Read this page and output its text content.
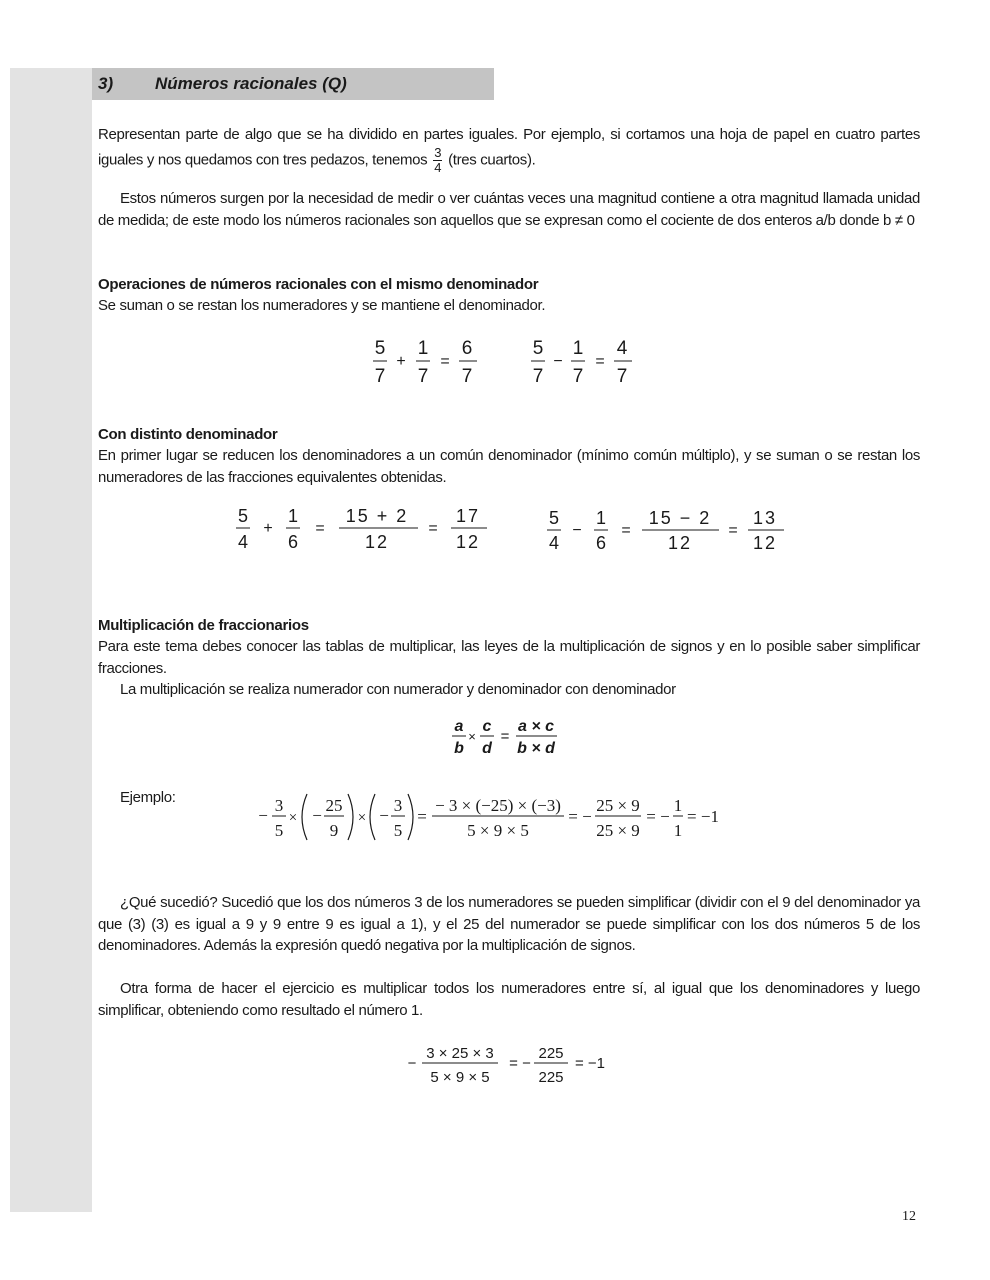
3) Números racionales (Q)
Representan parte de algo que se ha dividido en partes iguales. Por ejemplo, si cortamos una hoja de papel en cuatro partes iguales y nos quedamos con tres pedazos, tenemos $\frac{3}{4}$ (tres cuartos).
Estos números surgen por la necesidad de medir o ver cuántas veces una magnitud contiene a otra magnitud llamada unidad de medida; de este modo los números racionales son aquellos que se expresan como el cociente de dos enteros a/b donde b ≠ 0
Operaciones de números racionales con el mismo denominador
Se suman o se restan los numeradores y se mantiene el denominador.
5
7
+
1
7
=
6
7
5
7
−
1
7
=
4
7
Con distinto denominador
En primer lugar se reducen los denominadores a un común denominador (mínimo común múltiplo), y se suman o se restan los numeradores de las fracciones equivalentes obtenidas.
5
4
+
1
6
=
15 + 2
12
=
17
12
5
4
−
1
6
=
15 − 2
12
=
13
12
Multiplicación de fraccionarios
Para este tema debes conocer las tablas de multiplicar, las leyes de la multiplicación de signos y en lo posible saber simplificar fracciones.
La multiplicación se realiza numerador con numerador y denominador con denominador
a
b
×
c
d
=
a × c
b × d
Ejemplo:
−
3
5
× −
25
9
× −
3
5
=
− 3 × (−25) × (−3)
5 × 9 × 5
= −
25 × 9
25 × 9
= −
1
1
= −1
¿Qué sucedió? Sucedió que los dos números 3 de los numeradores se pueden simplificar (dividir con el 9 del denominador ya que (3) (3) es igual a 9 y 9 entre 9 es igual a 1), y el 25 del numerador se puede simplificar con los dos números 5 de los denominadores. Además la expresión quedó negativa por la multiplicación de signos.
Otra forma de hacer el ejercicio es multiplicar todos los numeradores entre sí, al igual que los denominadores y luego simplificar, obteniendo como resultado el número 1.
−
3 × 25 × 3
5 × 9 × 5
= −
225
225
= −1
12
